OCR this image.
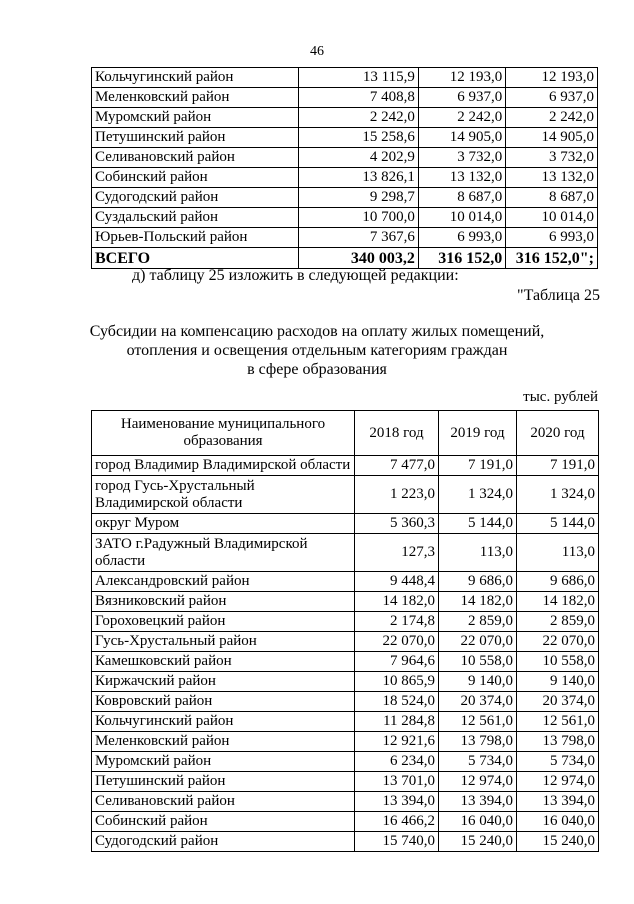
46
Кольчугинский район	13 115,9	12 193,0	12 193,0
Меленковский район	7 408,8	6 937,0	6 937,0
Муромский район	2 242,0	2 242,0	2 242,0
Петушинский район	15 258,6	14 905,0	14 905,0
Селивановский район	4 202,9	3 732,0	3 732,0
Собинский район	13 826,1	13 132,0	13 132,0
Судогодский район	9 298,7	8 687,0	8 687,0
Суздальский район	10 700,0	10 014,0	10 014,0
Юрьев-Польский район	7 367,6	6 993,0	6 993,0
ВСЕГО	340 003,2	316 152,0	316 152,0";
д) таблицу 25 изложить в следующей редакции:
"Таблица 25
Субсидии на компенсацию расходов на оплату жилых помещений,
отопления и освещения отдельным категориям граждан
в сфере образования
тыс. рублей
Наименование муниципального образования	2018 год	2019 год	2020 год
город Владимир Владимирской области	7 477,0	7 191,0	7 191,0
город Гусь-Хрустальный Владимирской области	1 223,0	1 324,0	1 324,0
округ Муром	5 360,3	5 144,0	5 144,0
ЗАТО г.Радужный Владимирской области	127,3	113,0	113,0
Александровский район	9 448,4	9 686,0	9 686,0
Вязниковский район	14 182,0	14 182,0	14 182,0
Гороховецкий район	2 174,8	2 859,0	2 859,0
Гусь-Хрустальный район	22 070,0	22 070,0	22 070,0
Камешковский район	7 964,6	10 558,0	10 558,0
Киржачский район	10 865,9	9 140,0	9 140,0
Ковровский район	18 524,0	20 374,0	20 374,0
Кольчугинский район	11 284,8	12 561,0	12 561,0
Меленковский район	12 921,6	13 798,0	13 798,0
Муромский район	6 234,0	5 734,0	5 734,0
Петушинский район	13 701,0	12 974,0	12 974,0
Селивановский район	13 394,0	13 394,0	13 394,0
Собинский район	16 466,2	16 040,0	16 040,0
Судогодский район	15 740,0	15 240,0	15 240,0
